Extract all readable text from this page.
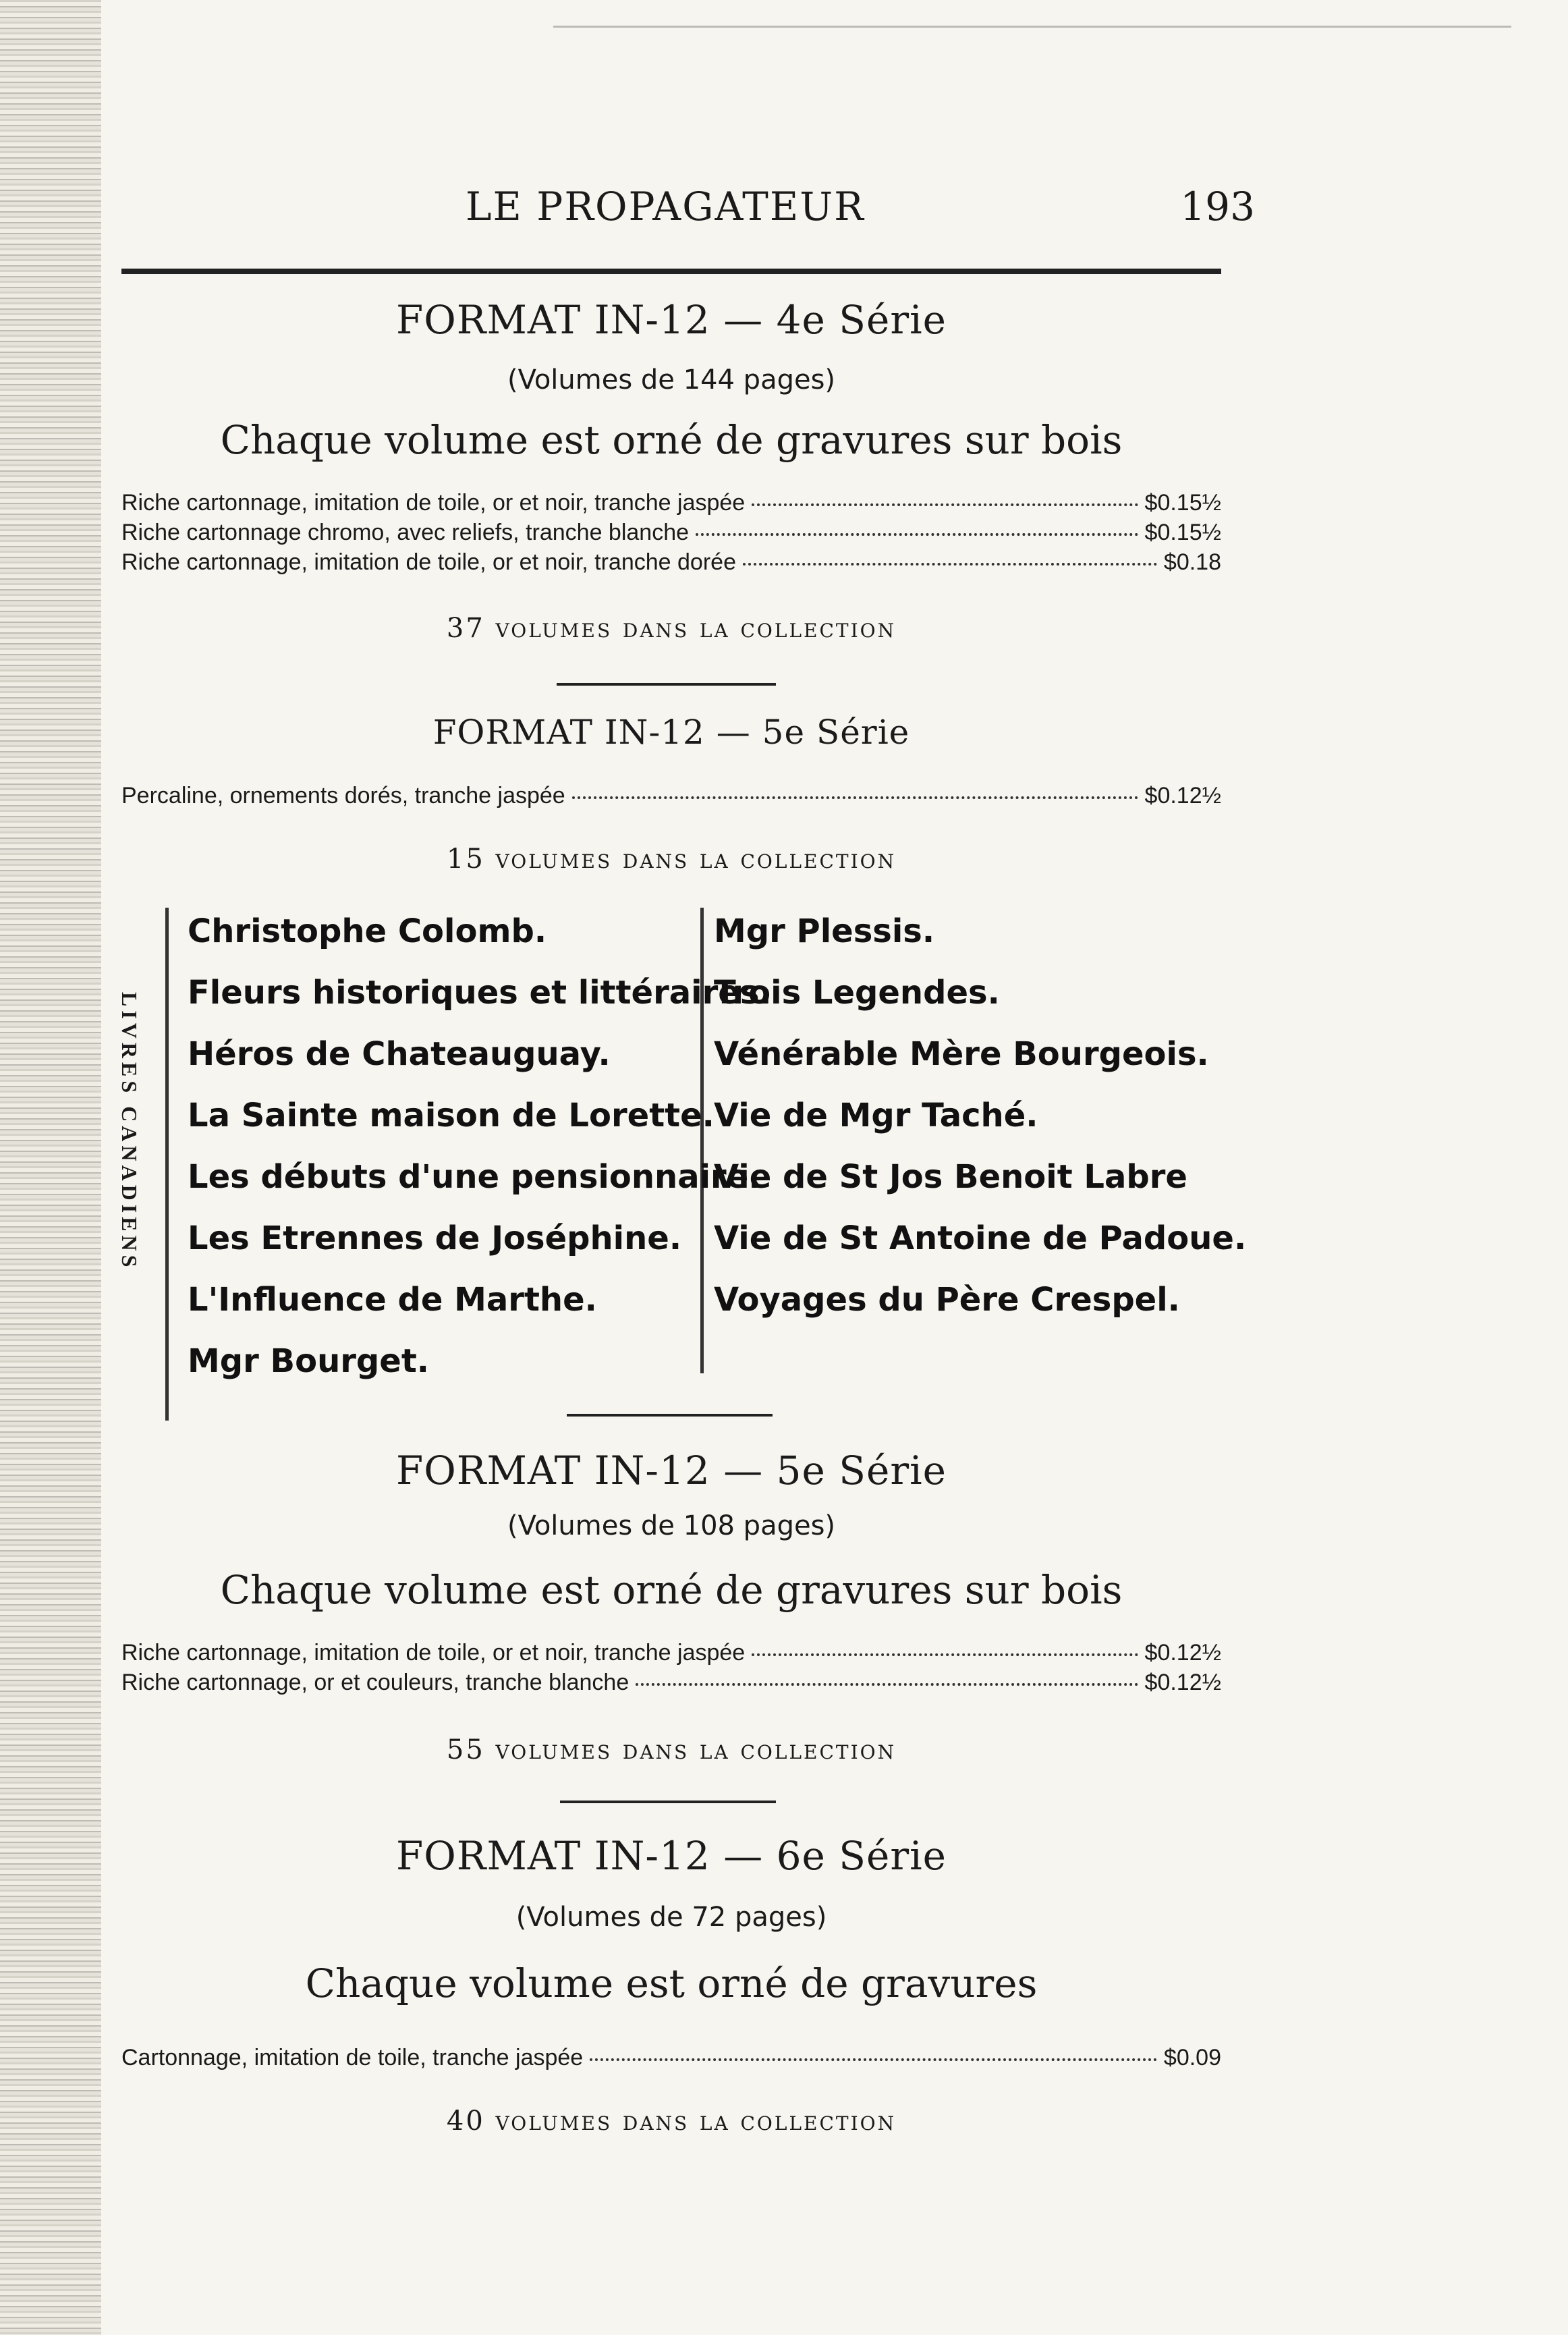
LE PROPAGATEUR	193
FORMAT IN-12 — 4e Série
(Volumes de 144 pages)
Chaque volume est orné de gravures sur bois
Riche cartonnage, imitation de toile, or et noir, tranche jaspée	$0.15½
Riche cartonnage chromo, avec reliefs, tranche blanche	$0.15½
Riche cartonnage, imitation de toile, or et noir, tranche dorée	$0.18
37 volumes dans la collection
FORMAT IN-12 — 5e Série
Percaline, ornements dorés, tranche jaspée	$0.12½
15 volumes dans la collection
LIVRES CANADIENS
Christophe Colomb.
Fleurs historiques et littéraires.
Héros de Chateauguay.
La Sainte maison de Lorette.
Les débuts d'une pensionnaire.
Les Etrennes de Joséphine.
L'Influence de Marthe.
Mgr Bourget.
Mgr Plessis.
Trois Legendes.
Vénérable Mère Bourgeois.
Vie de Mgr Taché.
Vie de St Jos Benoit Labre
Vie de St Antoine de Padoue.
Voyages du Père Crespel.
FORMAT IN-12 — 5e Série
(Volumes de 108 pages)
Chaque volume est orné de gravures sur bois
Riche cartonnage, imitation de toile, or et noir, tranche jaspée	$0.12½
Riche cartonnage, or et couleurs, tranche blanche	$0.12½
55 volumes dans la collection
FORMAT IN-12 — 6e Série
(Volumes de 72 pages)
Chaque volume est orné de gravures
Cartonnage, imitation de toile, tranche jaspée	$0.09
40 volumes dans la collection
